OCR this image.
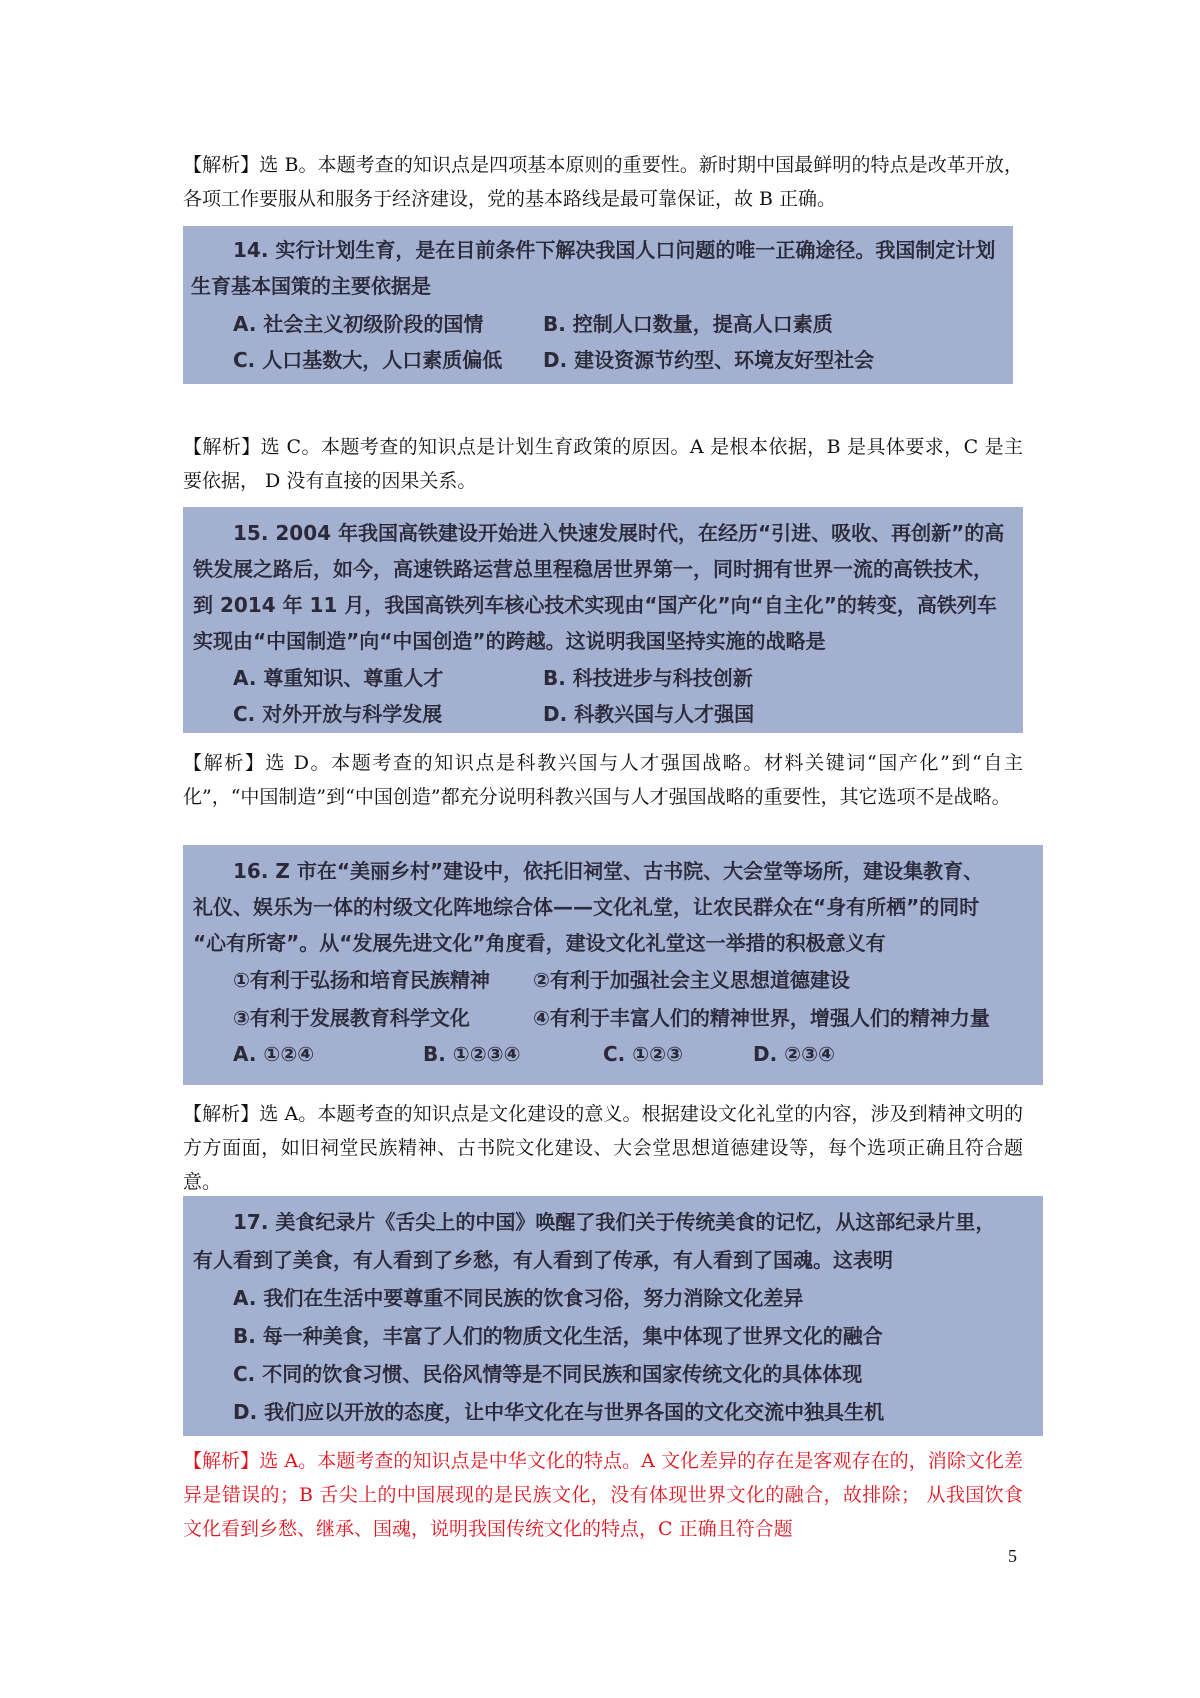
【解析】选 B。本题考查的知识点是四项基本原则的重要性。新时期中国最鲜明的特点是改革开放，各项工作要服从和服务于经济建设，党的基本路线是最可靠保证，故 B 正确。
14. 实行计划生育，是在目前条件下解决我国人口问题的唯一正确途径。我国制定计划
生育基本国策的主要依据是
A. 社会主义初级阶段的国情	B. 控制人口数量，提高人口素质
C. 人口基数大，人口素质偏低 D. 建设资源节约型、环境友好型社会
【解析】选 C。本题考查的知识点是计划生育政策的原因。A 是根本依据，B 是具体要求，C 是主要依据， D 没有直接的因果关系。
15. 2004 年我国高铁建设开始进入快速发展时代，在经历“引进、吸收、再创新”的高
铁发展之路后，如今，高速铁路运营总里程稳居世界第一，同时拥有世界一流的高铁技术，
到 2014 年 11 月，我国高铁列车核心技术实现由“国产化”向“自主化”的转变，高铁列车
实现由“中国制造”向“中国创造”的跨越。这说明我国坚持实施的战略是
A. 尊重知识、尊重人才	B. 科技进步与科技创新
C. 对外开放与科学发展	D. 科教兴国与人才强国
【解析】选 D。本题考查的知识点是科教兴国与人才强国战略。材料关键词“国产化”到“自主化”，“中国制造”到“中国创造”都充分说明科教兴国与人才强国战略的重要性，其它选项不是战略。
16. Z 市在“美丽乡村”建设中，依托旧祠堂、古书院、大会堂等场所，建设集教育、
礼仪、娱乐为一体的村级文化阵地综合体——文化礼堂，让农民群众在“身有所栖”的同时
“心有所寄”。从“发展先进文化”角度看，建设文化礼堂这一举措的积极意义有
①有利于弘扬和培育民族精神 ②有利于加强社会主义思想道德建设
③有利于发展教育科学文化	④有利于丰富人们的精神世界，增强人们的精神力量
A. ①②④	B. ①②③④	C. ①②③	D. ②③④
【解析】选 A。本题考查的知识点是文化建设的意义。根据建设文化礼堂的内容，涉及到精神文明的方方面面，如旧祠堂民族精神、古书院文化建设、大会堂思想道德建设等，每个选项正确且符合题意。
17. 美食纪录片《舌尖上的中国》唤醒了我们关于传统美食的记忆，从这部纪录片里，
有人看到了美食，有人看到了乡愁，有人看到了传承，有人看到了国魂。这表明
A. 我们在生活中要尊重不同民族的饮食习俗，努力消除文化差异
B. 每一种美食，丰富了人们的物质文化生活，集中体现了世界文化的融合
C. 不同的饮食习惯、民俗风情等是不同民族和国家传统文化的具体体现
D. 我们应以开放的态度，让中华文化在与世界各国的文化交流中独具生机
【解析】选 A。本题考查的知识点是中华文化的特点。A 文化差异的存在是客观存在的，消除文化差异是错误的；B 舌尖上的中国展现的是民族文化，没有体现世界文化的融合，故排除； 从我国饮食文化看到乡愁、继承、国魂，说明我国传统文化的特点，C 正确且符合题
5
